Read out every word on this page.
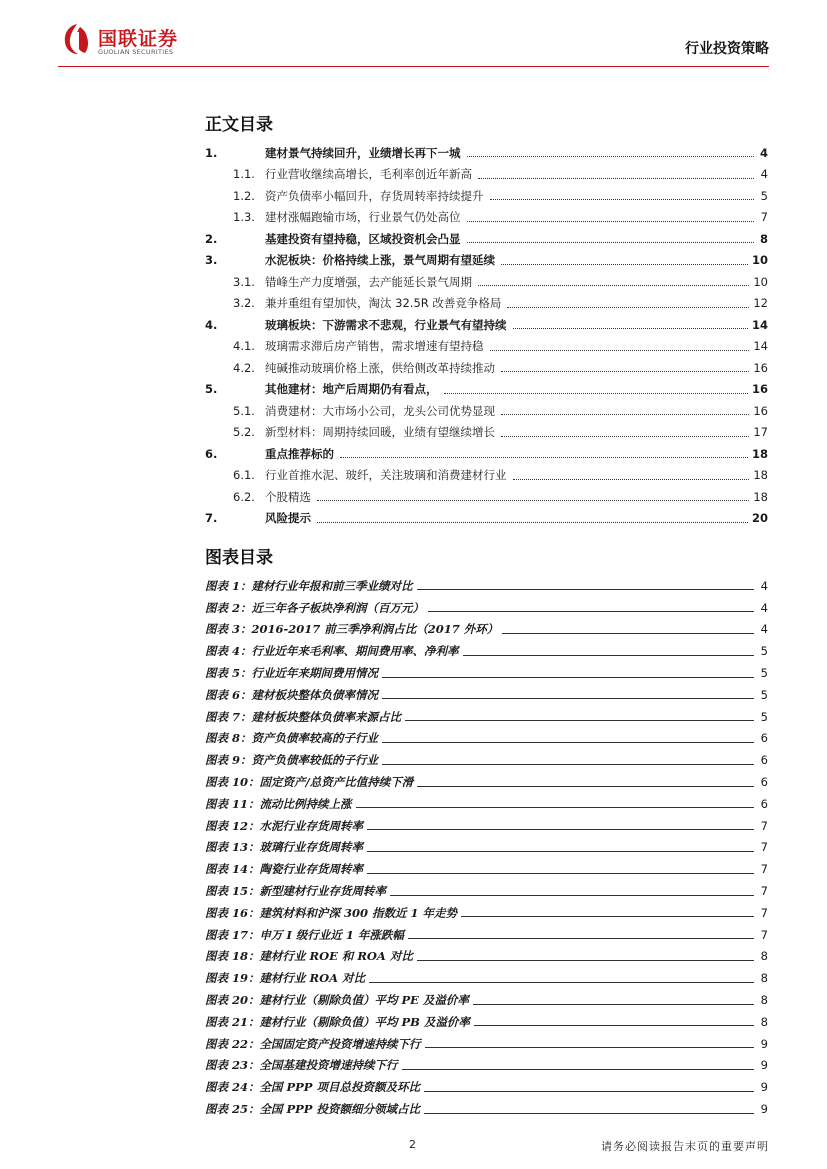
国联证券
GUOLIAN SECURITIES	行业投资策略
正文目录
1.	建材景气持续回升，业绩增长再下一城	4
1.1. 行业营收继续高增长，毛利率创近年新高	4
1.2. 资产负债率小幅回升，存货周转率持续提升	5
1.3. 建材涨幅跑输市场，行业景气仍处高位	7
2.	基建投资有望持稳，区域投资机会凸显	8
3.	水泥板块：价格持续上涨，景气周期有望延续	10
3.1. 错峰生产力度增强，去产能延长景气周期	10
3.2. 兼并重组有望加快，淘汰 32.5R 改善竞争格局	12
4.	玻璃板块：下游需求不悲观，行业景气有望持续	14
4.1. 玻璃需求滞后房产销售，需求增速有望持稳	14
4.2. 纯碱推动玻璃价格上涨，供给侧改革持续推动	16
5.	其他建材：地产后周期仍有看点，	16
5.1. 消费建材：大市场小公司，龙头公司优势显现	16
5.2. 新型材料：周期持续回暖，业绩有望继续增长	17
6.	重点推荐标的	18
6.1. 行业首推水泥、玻纤，关注玻璃和消费建材行业	18
6.2. 个股精选	18
7.	风险提示	20
图表目录
图表 1：建材行业年报和前三季业绩对比	4
图表 2：近三年各子板块净利润（百万元）	4
图表 3：2016-2017 前三季净利润占比（2017 外环）	4
图表 4：行业近年来毛利率、期间费用率、净利率	5
图表 5：行业近年来期间费用情况	5
图表 6：建材板块整体负债率情况	5
图表 7：建材板块整体负债率来源占比	5
图表 8：资产负债率较高的子行业	6
图表 9：资产负债率较低的子行业	6
图表 10：固定资产/总资产比值持续下滑	6
图表 11：流动比例持续上涨	6
图表 12：水泥行业存货周转率	7
图表 13：玻璃行业存货周转率	7
图表 14：陶瓷行业存货周转率	7
图表 15：新型建材行业存货周转率	7
图表 16：建筑材料和沪深 300 指数近 1 年走势	7
图表 17：申万 I 级行业近 1 年涨跌幅	7
图表 18：建材行业 ROE 和 ROA 对比	8
图表 19：建材行业 ROA 对比	8
图表 20：建材行业（剔除负值）平均 PE 及溢价率	8
图表 21：建材行业（剔除负值）平均 PB 及溢价率	8
图表 22：全国固定资产投资增速持续下行	9
图表 23：全国基建投资增速持续下行	9
图表 24：全国 PPP 项目总投资额及环比	9
图表 25：全国 PPP 投资额细分领域占比	9
2	请务必阅读报告末页的重要声明
